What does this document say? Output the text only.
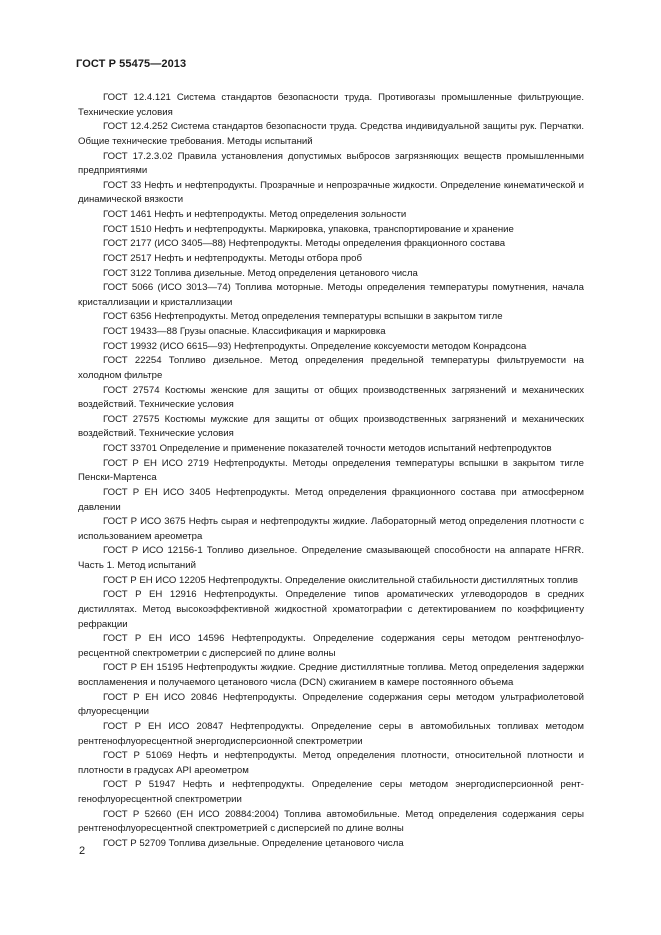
ГОСТ Р 55475—2013

ГОСТ 12.4.121 Система стандартов безопасности труда. Противогазы промышленные фильтрующие. Технические условия

ГОСТ 12.4.252 Система стандартов безопасности труда. Средства индивидуальной защиты рук. Перчатки. Общие технические требования. Методы испытаний

ГОСТ 17.2.3.02 Правила установления допустимых выбросов загрязняющих веществ промышленными предприятиями

ГОСТ 33 Нефть и нефтепродукты. Прозрачные и непрозрачные жидкости. Определение кинематической и динамической вязкости

ГОСТ 1461 Нефть и нефтепродукты. Метод определения зольности

ГОСТ 1510 Нефть и нефтепродукты. Маркировка, упаковка, транспортирование и хранение

ГОСТ 2177 (ИСО 3405—88) Нефтепродукты. Методы определения фракционного состава

ГОСТ 2517 Нефть и нефтепродукты. Методы отбора проб

ГОСТ 3122 Топлива дизельные. Метод определения цетанового числа

ГОСТ 5066 (ИСО 3013—74) Топлива моторные. Методы определения температуры помутнения, начала кристаллизации и кристаллизации

ГОСТ 6356 Нефтепродукты. Метод определения температуры вспышки в закрытом тигле

ГОСТ 19433—88 Грузы опасные. Классификация и маркировка

ГОСТ 19932 (ИСО 6615—93) Нефтепродукты. Определение коксуемости методом Конрадсона

ГОСТ 22254 Топливо дизельное. Метод определения предельной температуры фильтруемости на холодном фильтре

ГОСТ 27574 Костюмы женские для защиты от общих производственных загрязнений и механических воздействий. Технические условия

ГОСТ 27575 Костюмы мужские для защиты от общих производственных загрязнений и механических воздействий. Технические условия

ГОСТ 33701 Определение и применение показателей точности методов испытаний нефтепродуктов

ГОСТ Р ЕН ИСО 2719 Нефтепродукты. Методы определения температуры вспышки в закрытом тигле Пенски-Мартенса

ГОСТ Р ЕН ИСО 3405 Нефтепродукты. Метод определения фракционного состава при атмосферном давлении

ГОСТ Р ИСО 3675 Нефть сырая и нефтепродукты жидкие. Лабораторный метод определения плотности с использованием ареометра

ГОСТ Р ИСО 12156-1 Топливо дизельное. Определение смазывающей способности на аппарате HFRR. Часть 1. Метод испытаний

ГОСТ Р ЕН ИСО 12205 Нефтепродукты. Определение окислительной стабильности дистиллятных топлив

ГОСТ Р ЕН 12916 Нефтепродукты. Определение типов ароматических углеводородов в средних дистиллятах. Метод высокоэффективной жидкостной хроматографии с детектированием по коэффициенту рефракции

ГОСТ Р ЕН ИСО 14596 Нефтепродукты. Определение содержания серы методом рентгенофлуоресцентной спектрометрии с дисперсией по длине волны

ГОСТ Р ЕН 15195 Нефтепродукты жидкие. Средние дистиллятные топлива. Метод определения задержки воспламенения и получаемого цетанового числа (DCN) сжиганием в камере постоянного объема

ГОСТ Р ЕН ИСО 20846 Нефтепродукты. Определение содержания серы методом ультрафиолетовой флуоресценции

ГОСТ Р ЕН ИСО 20847 Нефтепродукты. Определение серы в автомобильных топливах методом рентгенофлуоресцентной энергодисперсионной спектрометрии

ГОСТ Р 51069 Нефть и нефтепродукты. Метод определения плотности, относительной плотности и плотности в градусах API ареометром

ГОСТ Р 51947 Нефть и нефтепродукты. Определение серы методом энергодисперсионной рентгенофлуоресцентной спектрометрии

ГОСТ Р 52660 (ЕН ИСО 20884:2004) Топлива автомобильные. Метод определения содержания серы рентгенофлуоресцентной спектрометрией с дисперсией по длине волны

ГОСТ Р 52709 Топлива дизельные. Определение цетанового числа

2
